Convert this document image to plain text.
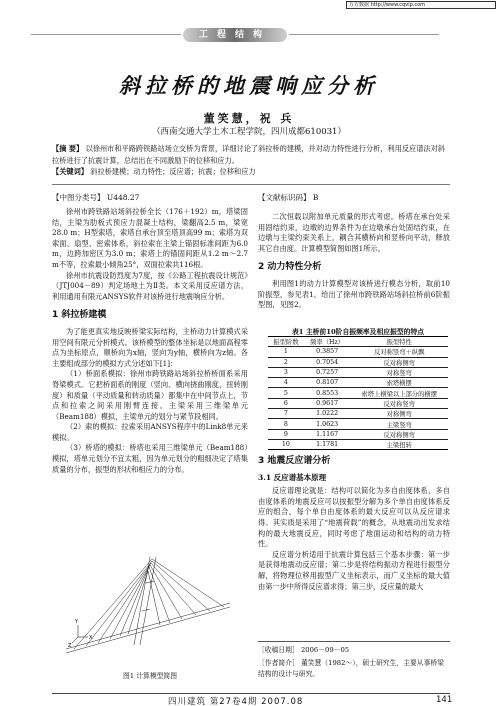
万方数据 http://www.cqvip.com
工程结构
斜拉桥的地震响应分析
董笑慧，祝 兵
（西南交通大学土木工程学院，四川成都610031）
【摘 要】 以徐州市和平路跨铁路站场立交桥为背景，详细讨论了斜拉桥的建模，并对动力特性进行分析，利用反应谱法对斜拉桥进行了抗震计算，总结出在不同激励下的位移和应力。
【关键词】 斜拉桥建模；动力特性；反应谱；抗震；位移和应力
【中图分类号】 U448.27	【文献标识码】 B

徐州市跨铁路站场斜拉桥全长（176＋192）m，塔梁固结，主梁为肋板式预应力混凝土结构，梁翻高2.5 m，梁宽28.0 m；H型索塔，索塔自承台顶至塔顶高99 m；索塔为双索面、扇型、密索体系，斜拉索在主梁上锚固标准间距为6.0 m，边跨加密区为3.0 m；索塔上的锚固间距从1.2 m～2.7 m不等，拉索最小倾角25°，双面拉索共116根。

徐州市抗震设防烈度为7度，按《公路工程抗震设计规范》（JTJ004－89）判定场地土为Ⅱ类。本文采用反应谱方法，利用通用有限元ANSYS软件对该桥进行地震响应分析。

1 斜拉桥建模

为了能更真实地反映桥梁实际结构，主桥动力计算模式采用空间有限元分析模式。该桥模型的整体坐标是以地面高程零点为坐标原点，顺桥向为x轴，竖向为y轴，横桥向为z轴。各主要组成部分的模拟方式分述如下[1]：

（1）桥面系模拟：徐州市跨铁路站场斜拉桥桥面系采用脊梁模式。它把桥面系的刚度（竖向、横向挠曲刚度，扭转刚度）和质量（平动质量和转动质量）都集中在中间节点上，节点和拉索之间采用刚臂连接。主梁采用三维梁单元（Beam188）模拟，主梁单元的划分与紧节段相同。

（2）索的模拟：拉索采用ANSYS程序中的Link8单元来模拟。

（3）桥塔的模拟：桥塔也采用三维梁单元（Beam188）模拟，塔单元划分不宜太粗，因为单元划分的粗细决定了塔集质量的分布，振型的形状和相应力的分布。

Y
X
Z
图1 计算模型简图

二次恒载以附加单元质量的形式考虑。桥塔在承台处采用固结约束，边墩的边界条件为在边墩承台处固结约束，在边墩与主梁约束关系上，耦合其横桥向和竖桥向平动，释放其它自由度。计算模型简图如图1所示。

2 动力特性分析

利用图1的动力计算模型对该桥进行模态分析，取前10阶振型，参见表1。给出了徐州市跨铁路站场斜拉桥前6阶振型图，见图2。

表1 主桥前10阶自振频率及相应振型的特点
振型阶数	频率（Hz）	振型特性
1	0.3857	反对称竖弯＋纵飘
2	0.7054	反对称侧弯
3	0.7257	对称竖弯
4	0.8107	索塔横摆
5	0.8553	索塔上横梁以上部分的横摆
6	0.9617	反对称竖弯
7	1.0222	对称侧弯
8	1.0623	主梁竖弯
9	1.1167	反对称侧弯
10	1.1781	主梁扭转

3 地震反应谱分析

3.1 反应谱基本原理

反应谱理论就是：结构可以简化为多自由度体系，多自由度体系的地震反应可以按振型分解为多个单自由度体系反应的组合，每个单自由度体系的最大反应可以从反应谱求得。其实质是采用了“地震荷载”的概念，从地震动出发求结构的最大地震反应，同时考虑了地面运动和结构的动力特性。

反应谱分析适用于抗震计算包括三个基本步骤：第一步是获得地震动反应谱；第二步是将结构振动方程进行振型分解，将物理位移用振型广义坐标表示，而广义坐标的最大值由第一步中所得反应谱求得；第三步，反应量的最大

［收稿日期］ 2006－09－05
［作者简介］ 董笑慧（1982～），硕士研究生，主要从事桥梁结构的设计与研究。
四川建筑 第27卷4期 2007.08	141
